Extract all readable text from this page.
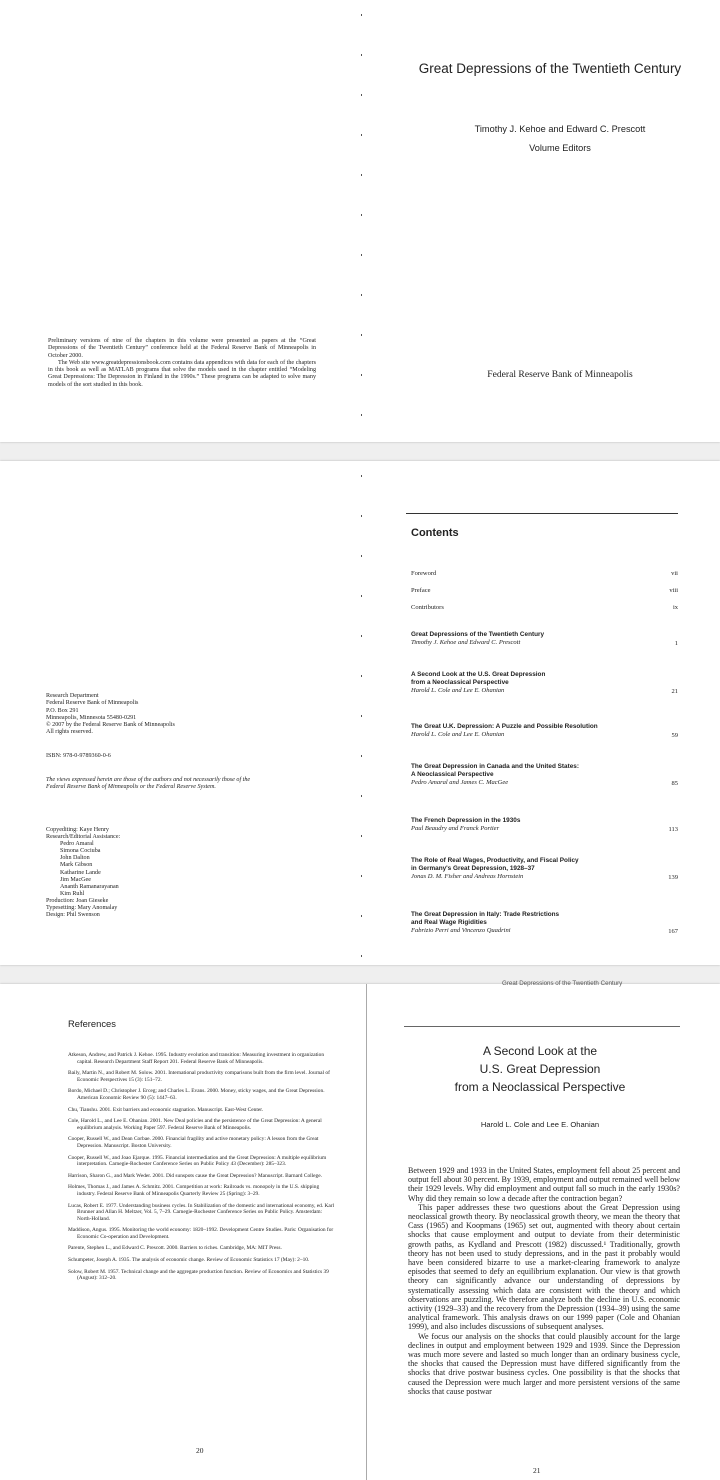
Preliminary versions of nine of the chapters in this volume were presented as papers at the “Great Depressions of the Twentieth Century” conference held at the Federal Reserve Bank of Minneapolis in October 2000.
The Web site www.greatdepressionsbook.com contains data appendices with data for each of the chapters in this book as well as MATLAB programs that solve the models used in the chapter entitled “Modeling Great Depressions: The Depression in Finland in the 1990s.” These programs can be adapted to solve many models of the sort studied in this book.
Great Depressions of the Twentieth Century
Timothy J. Kehoe and Edward C. Prescott
Volume Editors
Federal Reserve Bank of Minneapolis
Research Department
Federal Reserve Bank of Minneapolis
P.O. Box 291
Minneapolis, Minnesota 55480-0291
© 2007 by the Federal Reserve Bank of Minneapolis
All rights reserved.
ISBN: 978-0-9789360-0-6
The views expressed herein are those of the authors and not necessarily those of the Federal Reserve Bank of Minneapolis or the Federal Reserve System.
Copyediting: Kaye Henry
Research/Editorial Assistance:
Pedro Amaral
Simona Cociuba
John Dalton
Mark Gibson
Katharine Lande
Jim MacGee
Ananth Ramanarayanan
Kim Ruhl
Production: Joan Gieseke
Typesetting: Mary Anomalay
Design: Phil Swenson
Contents
Foreword	vii
Preface	viii
Contributors	ix
Great Depressions of the Twentieth Century
Timothy J. Kehoe and Edward C. Prescott	1
A Second Look at the U.S. Great Depression
from a Neoclassical Perspective
Harold L. Cole and Lee E. Ohanian	21
The Great U.K. Depression: A Puzzle and Possible Resolution
Harold L. Cole and Lee E. Ohanian	59
The Great Depression in Canada and the United States:
A Neoclassical Perspective
Pedro Amaral and James C. MacGee	85
The French Depression in the 1930s
Paul Beaudry and Franck Portier	113
The Role of Real Wages, Productivity, and Fiscal Policy
in Germany's Great Depression, 1928–37
Jonas D. M. Fisher and Andreas Hornstein	139
The Great Depression in Italy: Trade Restrictions
and Real Wage Rigidities
Fabrizio Perri and Vincenzo Quadrini	167
References

Atkeson, Andrew, and Patrick J. Kehoe. 1995. Industry evolution and transition: Measuring investment in organization capital. Research Department Staff Report 201. Federal Reserve Bank of Minneapolis.

Baily, Martin N., and Robert M. Solow. 2001. International productivity comparisons built from the firm level. Journal of Economic Perspectives 15 (3): 151–72.

Bordo, Michael D.; Christopher J. Erceg; and Charles L. Evans. 2000. Money, sticky wages, and the Great Depression. American Economic Review 90 (5): 1447–63.

Chu, Tianshu. 2001. Exit barriers and economic stagnation. Manuscript. East-West Center.

Cole, Harold L., and Lee E. Ohanian. 2001. New Deal policies and the persistence of the Great Depression: A general equilibrium analysis. Working Paper 597. Federal Reserve Bank of Minneapolis.

Cooper, Russell W., and Dean Corbae. 2000. Financial fragility and active monetary policy: A lesson from the Great Depression. Manuscript. Boston University.

Cooper, Russell W., and Joao Ejarque. 1995. Financial intermediation and the Great Depression: A multiple equilibrium interpretation. Carnegie-Rochester Conference Series on Public Policy 43 (December): 285–323.

Harrison, Sharon G., and Mark Weder. 2001. Did sunspots cause the Great Depression? Manuscript. Barnard College.

Holmes, Thomas J., and James A. Schmitz. 2001. Competition at work: Railroads vs. monopoly in the U.S. shipping industry. Federal Reserve Bank of Minneapolis Quarterly Review 25 (Spring): 3–29.

Lucas, Robert E. 1977. Understanding business cycles. In Stabilization of the domestic and international economy, ed. Karl Brunner and Allan H. Meltzer, Vol. 5, 7–29. Carnegie-Rochester Conference Series on Public Policy. Amsterdam: North-Holland.

Maddison, Angus. 1995. Monitoring the world economy: 1820–1992. Development Centre Studies. Paris: Organisation for Economic Co-operation and Development.

Parente, Stephen L., and Edward C. Prescott. 2000. Barriers to riches. Cambridge, MA: MIT Press.

Schumpeter, Joseph A. 1935. The analysis of economic change. Review of Economic Statistics 17 (May): 2–10.

Solow, Robert M. 1957. Technical change and the aggregate production function. Review of Economics and Statistics 39 (August): 312–20.

20
Great Depressions of the Twentieth Century
A Second Look at the
U.S. Great Depression
from a Neoclassical Perspective
Harold L. Cole and Lee E. Ohanian

Between 1929 and 1933 in the United States, employment fell about 25 percent and output fell about 30 percent. By 1939, employment and output remained well below their 1929 levels. Why did employment and output fall so much in the early 1930s? Why did they remain so low a decade after the contraction began?

This paper addresses these two questions about the Great Depression using neoclassical growth theory. By neoclassical growth theory, we mean the theory that Cass (1965) and Koopmans (1965) set out, augmented with theory about certain shocks that cause employment and output to deviate from their deterministic growth paths, as Kydland and Prescott (1982) discussed.¹ Traditionally, growth theory has not been used to study depressions, and in the past it probably would have been considered bizarre to use a market-clearing framework to analyze episodes that seemed to defy an equilibrium explanation. Our view is that growth theory can significantly advance our understanding of depressions by systematically assessing which data are consistent with the theory and which observations are puzzling. We therefore analyze both the decline in U.S. economic activity (1929–33) and the recovery from the Depression (1934–39) using the same analytical framework. This analysis draws on our 1999 paper (Cole and Ohanian 1999), and also includes discussions of subsequent analyses.

We focus our analysis on the shocks that could plausibly account for the large declines in output and employment between 1929 and 1939. Since the Depression was much more severe and lasted so much longer than an ordinary business cycle, the shocks that caused the Depression must have differed significantly from the shocks that drive postwar business cycles. One possibility is that the shocks that caused the Depression were much larger and more persistent versions of the same shocks that cause postwar

21
